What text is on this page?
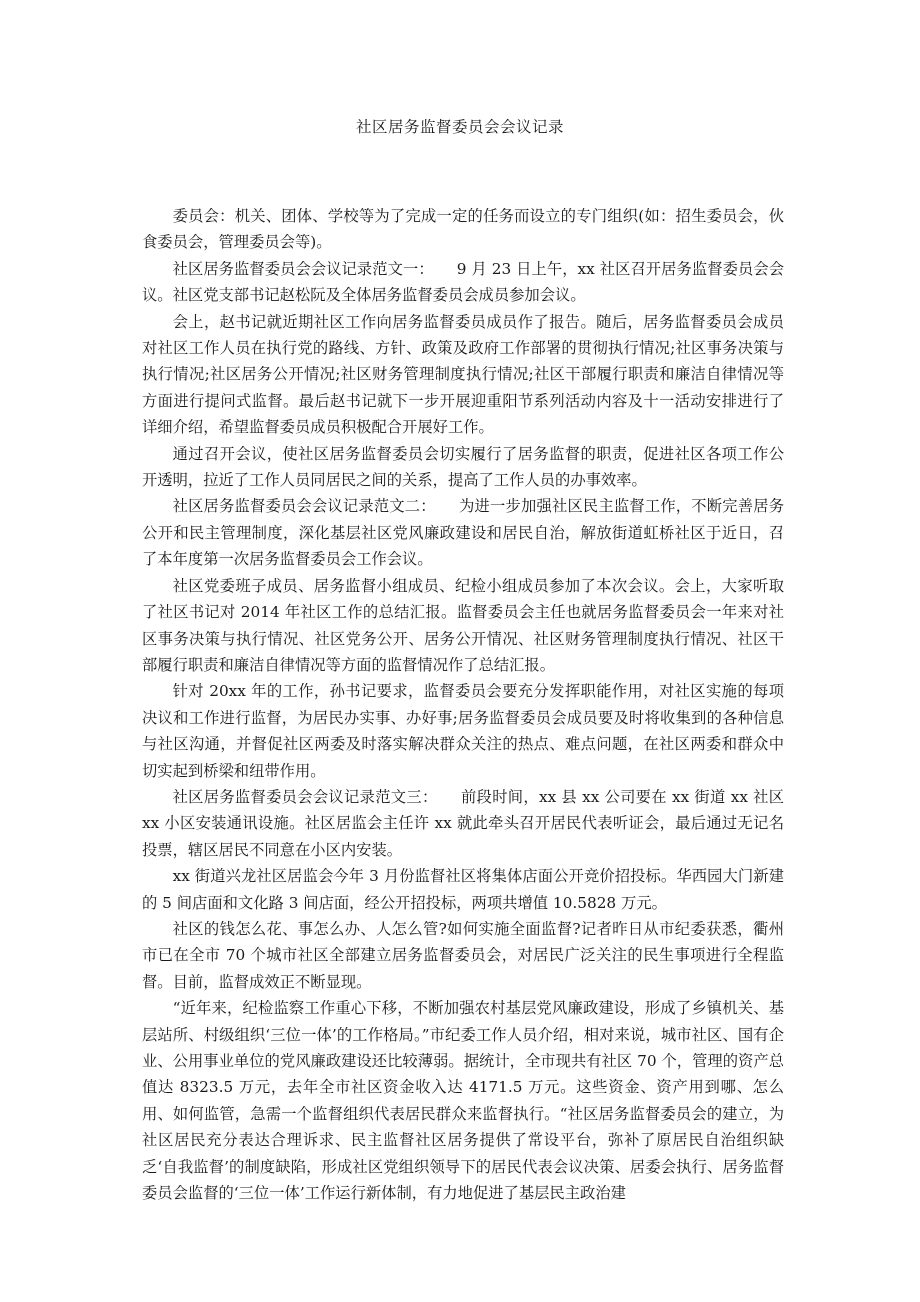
社区居务监督委员会会议记录

委员会：机关、团体、学校等为了完成一定的任务而设立的专门组织(如：招生委员会，伙食委员会，管理委员会等)。

社区居务监督委员会会议记录范文一：　　9 月 23 日上午，xx 社区召开居务监督委员会会议。社区党支部书记赵松阮及全体居务监督委员会成员参加会议。

会上，赵书记就近期社区工作向居务监督委员成员作了报告。随后，居务监督委员会成员对社区工作人员在执行党的路线、方针、政策及政府工作部署的贯彻执行情况;社区事务决策与执行情况;社区居务公开情况;社区财务管理制度执行情况;社区干部履行职责和廉洁自律情况等方面进行提问式监督。最后赵书记就下一步开展迎重阳节系列活动内容及十一活动安排进行了详细介绍，希望监督委员成员积极配合开展好工作。

通过召开会议，使社区居务监督委员会切实履行了居务监督的职责，促进社区各项工作公开透明，拉近了工作人员同居民之间的关系，提高了工作人员的办事效率。

社区居务监督委员会会议记录范文二：　　为进一步加强社区民主监督工作，不断完善居务公开和民主管理制度，深化基层社区党风廉政建设和居民自治，解放街道虹桥社区于近日，召了本年度第一次居务监督委员会工作会议。

社区党委班子成员、居务监督小组成员、纪检小组成员参加了本次会议。会上，大家听取了社区书记对 2014 年社区工作的总结汇报。监督委员会主任也就居务监督委员会一年来对社区事务决策与执行情况、社区党务公开、居务公开情况、社区财务管理制度执行情况、社区干部履行职责和廉洁自律情况等方面的监督情况作了总结汇报。

针对 20xx 年的工作，孙书记要求，监督委员会要充分发挥职能作用，对社区实施的每项决议和工作进行监督，为居民办实事、办好事;居务监督委员会成员要及时将收集到的各种信息与社区沟通，并督促社区两委及时落实解决群众关注的热点、难点问题，在社区两委和群众中切实起到桥梁和纽带作用。

社区居务监督委员会会议记录范文三：　　前段时间，xx 县 xx 公司要在 xx 街道 xx 社区 xx 小区安装通讯设施。社区居监会主任许 xx 就此牵头召开居民代表听证会，最后通过无记名投票，辖区居民不同意在小区内安装。

xx 街道兴龙社区居监会今年 3 月份监督社区将集体店面公开竞价招投标。华西园大门新建的 5 间店面和文化路 3 间店面，经公开招投标，两项共增值 10.5828 万元。

社区的钱怎么花、事怎么办、人怎么管?如何实施全面监督?记者昨日从市纪委获悉，衢州市已在全市 70 个城市社区全部建立居务监督委员会，对居民广泛关注的民生事项进行全程监督。目前，监督成效正不断显现。

“近年来，纪检监察工作重心下移，不断加强农村基层党风廉政建设，形成了乡镇机关、基层站所、村级组织‘三位一体’的工作格局。”市纪委工作人员介绍，相对来说，城市社区、国有企业、公用事业单位的党风廉政建设还比较薄弱。据统计，全市现共有社区 70 个，管理的资产总值达 8323.5 万元，去年全市社区资金收入达 4171.5 万元。这些资金、资产用到哪、怎么用、如何监管，急需一个监督组织代表居民群众来监督执行。“社区居务监督委员会的建立，为社区居民充分表达合理诉求、民主监督社区居务提供了常设平台，弥补了原居民自治组织缺乏‘自我监督’的制度缺陷，形成社区党组织领导下的居民代表会议决策、居委会执行、居务监督委员会监督的‘三位一体’工作运行新体制，有力地促进了基层民主政治建
